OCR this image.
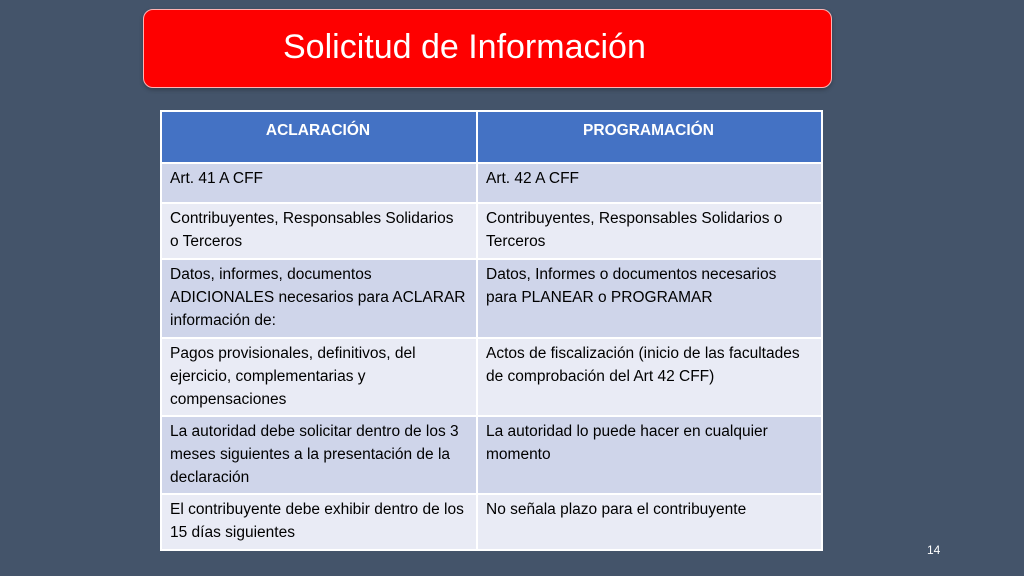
Solicitud de Información
ACLARACIÓN	PROGRAMACIÓN
Art. 41 A CFF	Art. 42 A CFF
Contribuyentes, Responsables Solidarios o Terceros	Contribuyentes, Responsables Solidarios o Terceros
Datos, informes, documentos ADICIONALES necesarios para ACLARAR información de:	Datos, Informes o documentos necesarios para PLANEAR o PROGRAMAR
Pagos provisionales, definitivos, del ejercicio, complementarias y compensaciones	Actos de fiscalización (inicio de las facultades de comprobación del Art 42 CFF)
La autoridad debe solicitar dentro de los 3 meses siguientes a la presentación de la declaración	La autoridad lo puede hacer en cualquier momento
El contribuyente debe exhibir dentro de los 15 días siguientes	No señala plazo para el contribuyente
14
